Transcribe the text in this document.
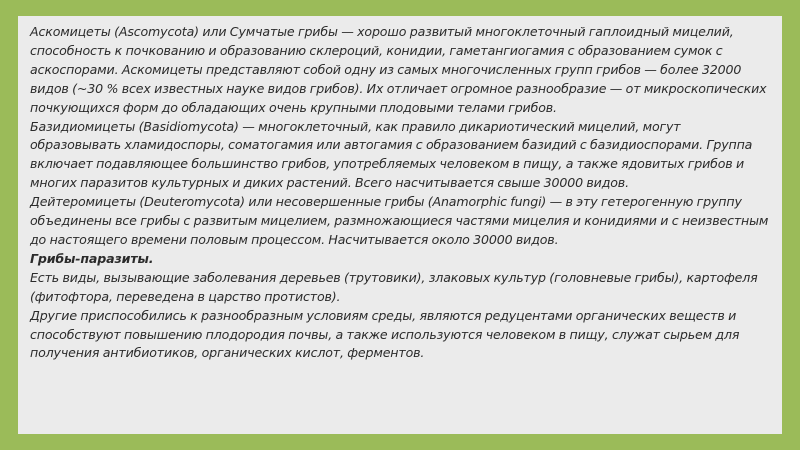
Аскомицеты (Ascomycota) или Сумчатые грибы — хорошо развитый многоклеточный гаплоидный мицелий, способность к почкованию и образованию склероций, конидии, гаметангиогамия с образованием сумок с аскоспорами. Аскомицеты представляют собой одну из самых многочисленных групп грибов — более 32000 видов (~30 % всех известных науке видов грибов). Их отличает огромное разнообразие — от микроскопических почкующихся форм до обладающих очень крупными плодовыми телами грибов.

Базидиомицеты (Basidiomycota) — многоклеточный, как правило дикариотический мицелий, могут образовывать хламидоспоры, соматогамия или автогамия с образованием базидий с базидиоспорами. Группа включает подавляющее большинство грибов, употребляемых человеком в пищу, а также ядовитых грибов и многих паразитов культурных и диких растений. Всего насчитывается свыше 30000 видов.

Дейтеромицеты (Deuteromycota) или несовершенные грибы (Anamorphic fungi) — в эту гетерогенную группу объединены все грибы с развитым мицелием, размножающиеся частями мицелия и конидиями и с неизвестным до настоящего времени половым процессом. Насчитывается около 30000 видов.

Грибы-паразиты.

Есть виды, вызывающие заболевания деревьев (трутовики), злаковых культур (головневые грибы), картофеля (фитофтора, переведена в царство протистов).

Другие приспособились к разнообразным условиям среды, являются редуцентами органических веществ и способствуют повышению плодородия почвы, а также используются человеком в пищу, служат сырьем для получения антибиотиков, органических кислот, ферментов.
